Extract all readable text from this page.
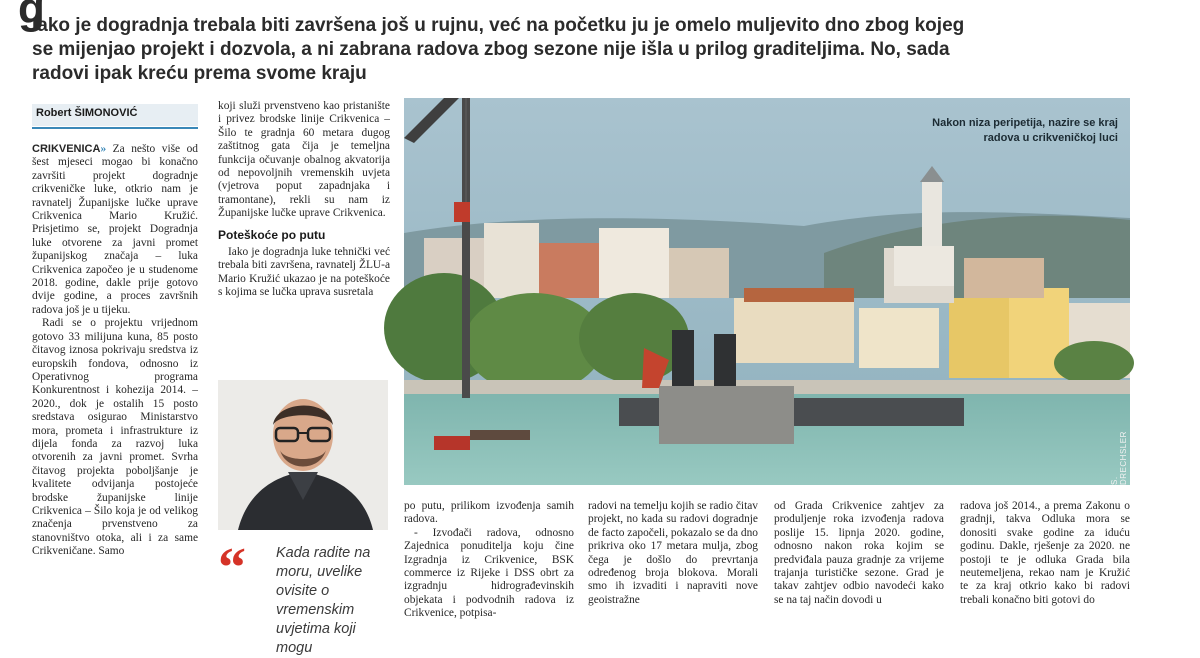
g

Iako je dogradnja trebala biti završena još u rujnu, već na početku ju je omelo muljevito dno zbog kojeg

se mijenjao projekt i dozvola, a ni zabrana radova zbog sezone nije išla u prilog graditeljima. No, sada

radovi ipak kreću prema svome kraju

Robert ŠIMONOVIĆ

CRIKVENICA» Za nešto više od šest mjeseci mogao bi konačno završiti projekt dogradnje crikveničke luke, otkrio nam je ravnatelj Županijske lučke uprave Crikvenica Mario Kružić. Prisjetimo se, projekt Dogradnja luke otvorene za javni promet županijskog značaja – luka Crikvenica započeo je u studenome 2018. godine, dakle prije gotovo dvije godine, a proces završnih radova još je u tijeku.

Radi se o projektu vrijednom gotovo 33 milijuna kuna, 85 posto čitavog iznosa pokrivaju sredstva iz europskih fondova, odnosno iz Operativnog programa Konkurentnost i kohezija 2014. – 2020., dok je ostalih 15 posto sredstava osigurao Ministarstvo mora, prometa i infrastrukture iz dijela fonda za razvoj luka otvorenih za javni promet. Svrha čitavog projekta poboljšanje je kvalitete odvijanja postojeće brodske županijske linije Crikvenica – Šilo koja je od velikog značenja prvenstveno za stanovništvo otoka, ali i za same Crikveničane. Samo

koji služi prvenstveno kao pristanište i privez brodske linije Crikvenica – Šilo te gradnja 60 metara dugog zaštitnog gata čija je temeljna funkcija očuvanje obalnog akvatorija od nepovoljnih vremenskih uvjeta (vjetrova poput zapadnjaka i tramontane), rekli su nam iz Županijske lučke uprave Crikvenica.

Poteškoće po putu

Iako je dogradnja luke tehnički već trebala biti završena, ravnatelj ŽLU-a Mario Kružić ukazao je na poteškoće s kojima se lučka uprava susretala

“ Kada radite na
moru, uvelike
ovisite o vremenskim
uvjetima koji mogu
Nakon niza peripetija, nazire se kraj
radova u crikveničkoj luci
S. DRECHSLER

po putu, prilikom izvođenja samih radova.

- Izvođači radova, odnosno Zajednica ponuditelja koju čine Izgradnja iz Crikvenice, BSK commerce iz Rijeke i DSS obrt za izgradnju hidrograđevinskih objekata i podvodnih radova iz Crikvenice, potpisa-

radovi na temelju kojih se radio čitav projekt, no kada su radovi dogradnje de facto započeli, pokazalo se da dno prikriva oko 17 metara mulja, zbog čega je došlo do prevrtanja određenog broja blokova. Morali smo ih izvaditi i napraviti nove geoistražne

od Grada Crikvenice zahtjev za produljenje roka izvođenja radova poslije 15. lipnja 2020. godine, odnosno nakon roka kojim se predviđala pauza gradnje za vrijeme trajanja turističke sezone. Grad je takav zahtjev odbio navodeći kako se na taj način dovodi u

radova još 2014., a prema Zakonu o gradnji, takva Odluka mora se donositi svake godine za iduću godinu. Dakle, rješenje za 2020. ne postoji te je odluka Grada bila neutemeljena, rekao nam je Kružić te za kraj otkrio kako bi radovi trebali konačno biti gotovi do
